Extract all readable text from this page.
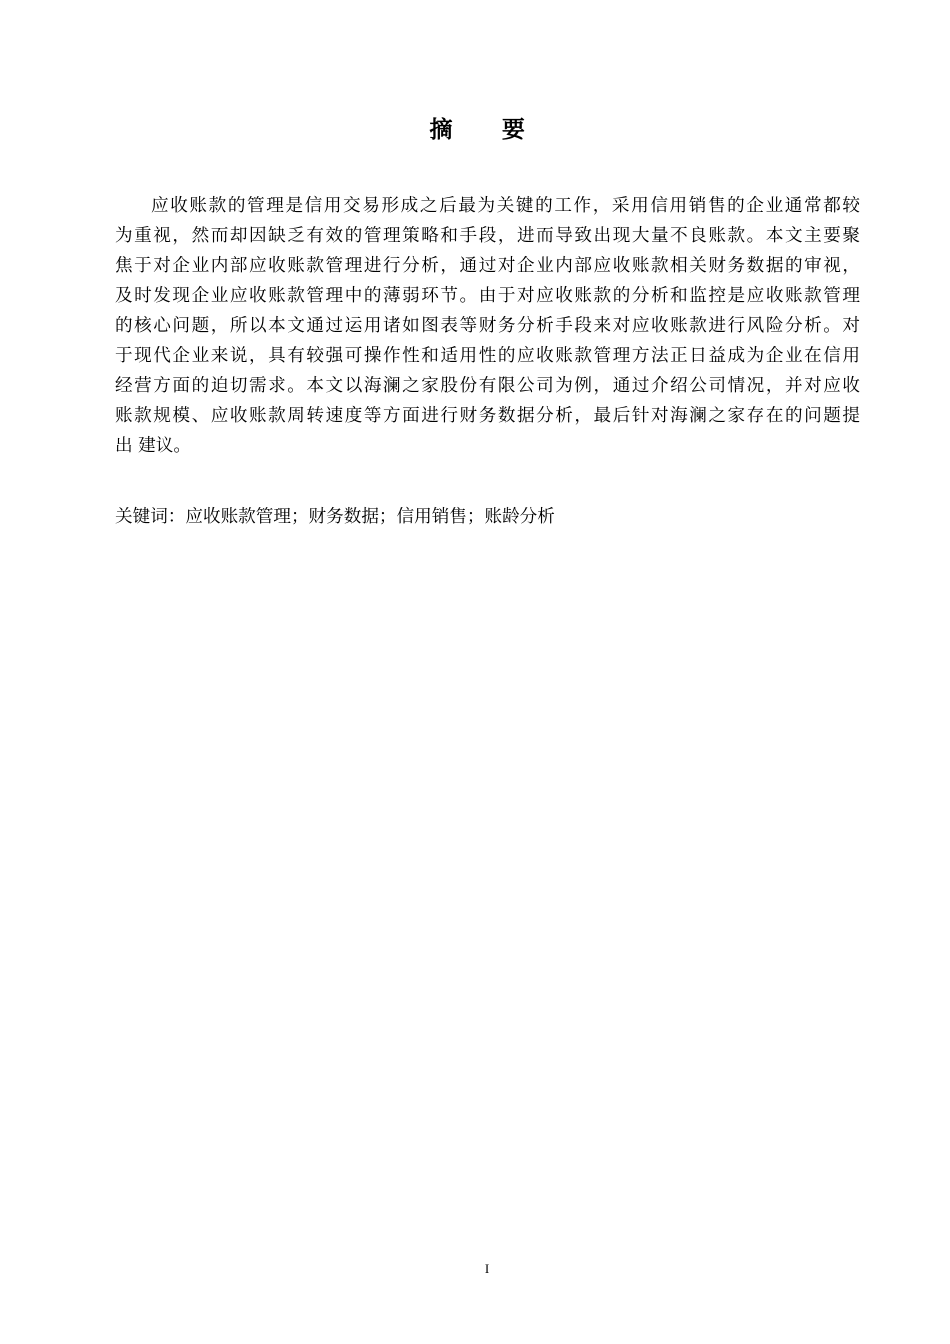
摘 要
应收账款的管理是信用交易形成之后最为关键的工作，采用信用销售的企业通常都较
为重视，然而却因缺乏有效的管理策略和手段，进而导致出现大量不良账款。本文主要聚
焦于对企业内部应收账款管理进行分析，通过对企业内部应收账款相关财务数据的审视，
及时发现企业应收账款管理中的薄弱环节。由于对应收账款的分析和监控是应收账款管理
的核心问题，所以本文通过运用诸如图表等财务分析手段来对应收账款进行风险分析。对
于现代企业来说，具有较强可操作性和适用性的应收账款管理方法正日益成为企业在信用
经营方面的迫切需求。本文以海澜之家股份有限公司为例，通过介绍公司情况，并对应收
账款规模、应收账款周转速度等方面进行财务数据分析，最后针对海澜之家存在的问题提
出 建议。
关键词：应收账款管理；财务数据；信用销售；账龄分析
I
